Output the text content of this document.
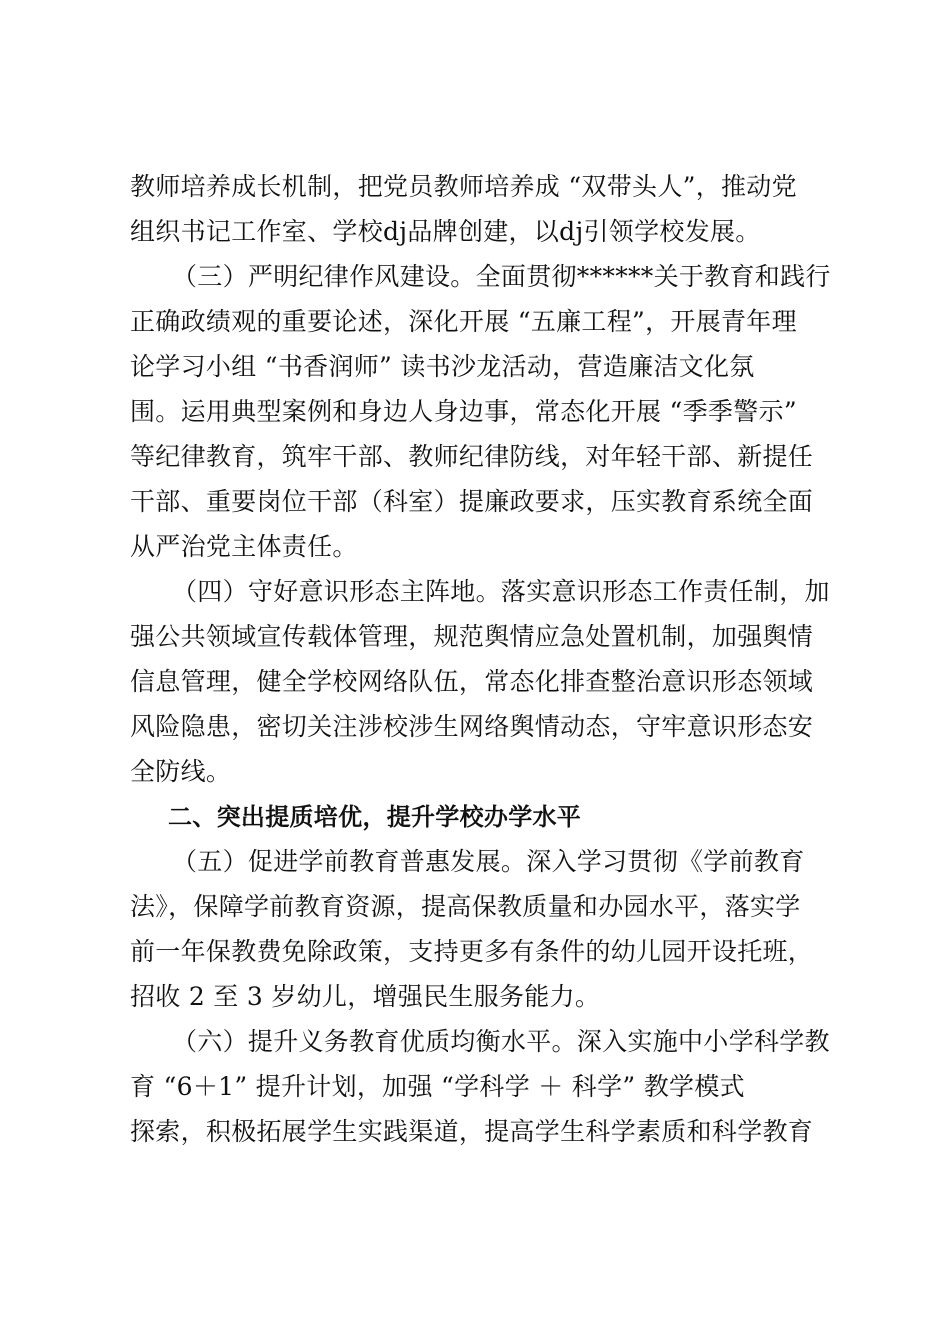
教师培养成长机制，把党员教师培养成 “双带头人”，推动党
组织书记工作室、学校dj品牌创建，以dj引领学校发展。
（三）严明纪律作风建设。全面贯彻******关于教育和践行
正确政绩观的重要论述，深化开展 “五廉工程”，开展青年理
论学习小组 “书香润师” 读书沙龙活动，营造廉洁文化氛
围。运用典型案例和身边人身边事，常态化开展 “季季警示”
等纪律教育，筑牢干部、教师纪律防线，对年轻干部、新提任
干部、重要岗位干部（科室）提廉政要求，压实教育系统全面
从严治党主体责任。
（四）守好意识形态主阵地。落实意识形态工作责任制，加
强公共领域宣传载体管理，规范舆情应急处置机制，加强舆情
信息管理，健全学校网络队伍，常态化排查整治意识形态领域
风险隐患，密切关注涉校涉生网络舆情动态，守牢意识形态安
全防线。
二、突出提质培优，提升学校办学水平
（五）促进学前教育普惠发展。深入学习贯彻《学前教育
法》，保障学前教育资源，提高保教质量和办园水平，落实学
前一年保教费免除政策，支持更多有条件的幼儿园开设托班，
招收 2 至 3 岁幼儿，增强民生服务能力。
（六）提升义务教育优质均衡水平。深入实施中小学科学教
育 “6＋1” 提升计划，加强 “学科学 ＋ 科学” 教学模式
探索，积极拓展学生实践渠道，提高学生科学素质和科学教育
